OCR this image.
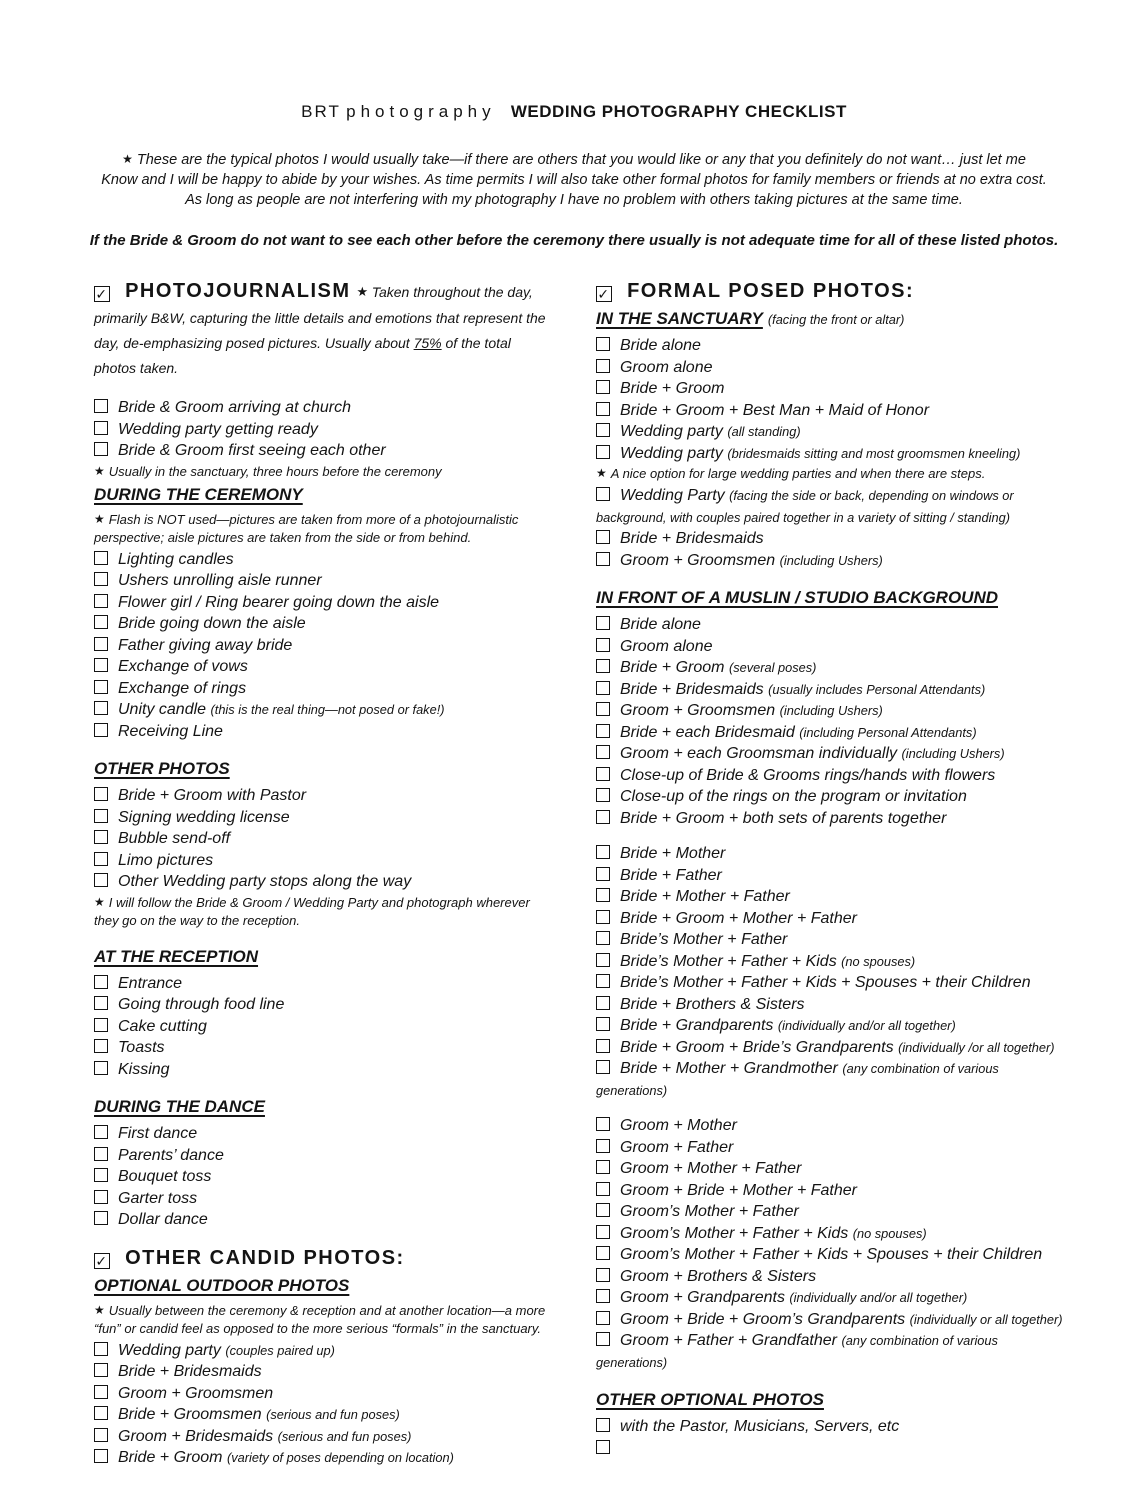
BRT photography WEDDING PHOTOGRAPHY CHECKLIST
★ These are the typical photos I would usually take—if there are others that you would like or any that you definitely do not want… just let me
Know and I will be happy to abide by your wishes. As time permits I will also take other formal photos for family members or friends at no extra cost.
As long as people are not interfering with my photography I have no problem with others taking pictures at the same time.
If the Bride & Groom do not want to see each other before the ceremony there usually is not adequate time for all of these listed photos.
✓ PHOTOJOURNALISM ★ Taken throughout the day, primarily B&W, capturing the little details and emotions that represent the day, de-emphasizing posed pictures. Usually about 75% of the total photos taken.
Bride & Groom arriving at church
Wedding party getting ready
Bride & Groom first seeing each other
★ Usually in the sanctuary, three hours before the ceremony
DURING THE CEREMONY
★ Flash is NOT used—pictures are taken from more of a photojournalistic perspective; aisle pictures are taken from the side or from behind.
Lighting candles
Ushers unrolling aisle runner
Flower girl / Ring bearer going down the aisle
Bride going down the aisle
Father giving away bride
Exchange of vows
Exchange of rings
Unity candle (this is the real thing—not posed or fake!)
Receiving Line
OTHER PHOTOS
Bride + Groom with Pastor
Signing wedding license
Bubble send-off
Limo pictures
Other Wedding party stops along the way
★ I will follow the Bride & Groom / Wedding Party and photograph wherever they go on the way to the reception.
AT THE RECEPTION
Entrance
Going through food line
Cake cutting
Toasts
Kissing
DURING THE DANCE
First dance
Parents’ dance
Bouquet toss
Garter toss
Dollar dance
✓ OTHER CANDID PHOTOS:
OPTIONAL OUTDOOR PHOTOS
★ Usually between the ceremony & reception and at another location—a more “fun” or candid feel as opposed to the more serious “formals” in the sanctuary.
Wedding party (couples paired up)
Bride + Bridesmaids
Groom + Groomsmen
Bride + Groomsmen (serious and fun poses)
Groom + Bridesmaids (serious and fun poses)
Bride + Groom (variety of poses depending on location)
✓ FORMAL POSED PHOTOS:
IN THE SANCTUARY (facing the front or altar)
Bride alone
Groom alone
Bride + Groom
Bride + Groom + Best Man + Maid of Honor
Wedding party (all standing)
Wedding party (bridesmaids sitting and most groomsmen kneeling)
★ A nice option for large wedding parties and when there are steps.
Wedding Party (facing the side or back, depending on windows or background, with couples paired together in a variety of sitting / standing)
Bride + Bridesmaids
Groom + Groomsmen (including Ushers)
IN FRONT OF A MUSLIN / STUDIO BACKGROUND
Bride alone
Groom alone
Bride + Groom (several poses)
Bride + Bridesmaids (usually includes Personal Attendants)
Groom + Groomsmen (including Ushers)
Bride + each Bridesmaid (including Personal Attendants)
Groom + each Groomsman individually (including Ushers)
Close-up of Bride & Grooms rings/hands with flowers
Close-up of the rings on the program or invitation
Bride + Groom + both sets of parents together
Bride + Mother
Bride + Father
Bride + Mother + Father
Bride + Groom + Mother + Father
Bride’s Mother + Father
Bride’s Mother + Father + Kids (no spouses)
Bride’s Mother + Father + Kids + Spouses + their Children
Bride + Brothers & Sisters
Bride + Grandparents (individually and/or all together)
Bride + Groom + Bride’s Grandparents (individually /or all together)
Bride + Mother + Grandmother (any combination of various generations)
Groom + Mother
Groom + Father
Groom + Mother + Father
Groom + Bride + Mother + Father
Groom’s Mother + Father
Groom’s Mother + Father + Kids (no spouses)
Groom’s Mother + Father + Kids + Spouses + their Children
Groom + Brothers & Sisters
Groom + Grandparents (individually and/or all together)
Groom + Bride + Groom’s Grandparents (individually or all together)
Groom + Father + Grandfather (any combination of various generations)
OTHER OPTIONAL PHOTOS
with the Pastor, Musicians, Servers, etc
